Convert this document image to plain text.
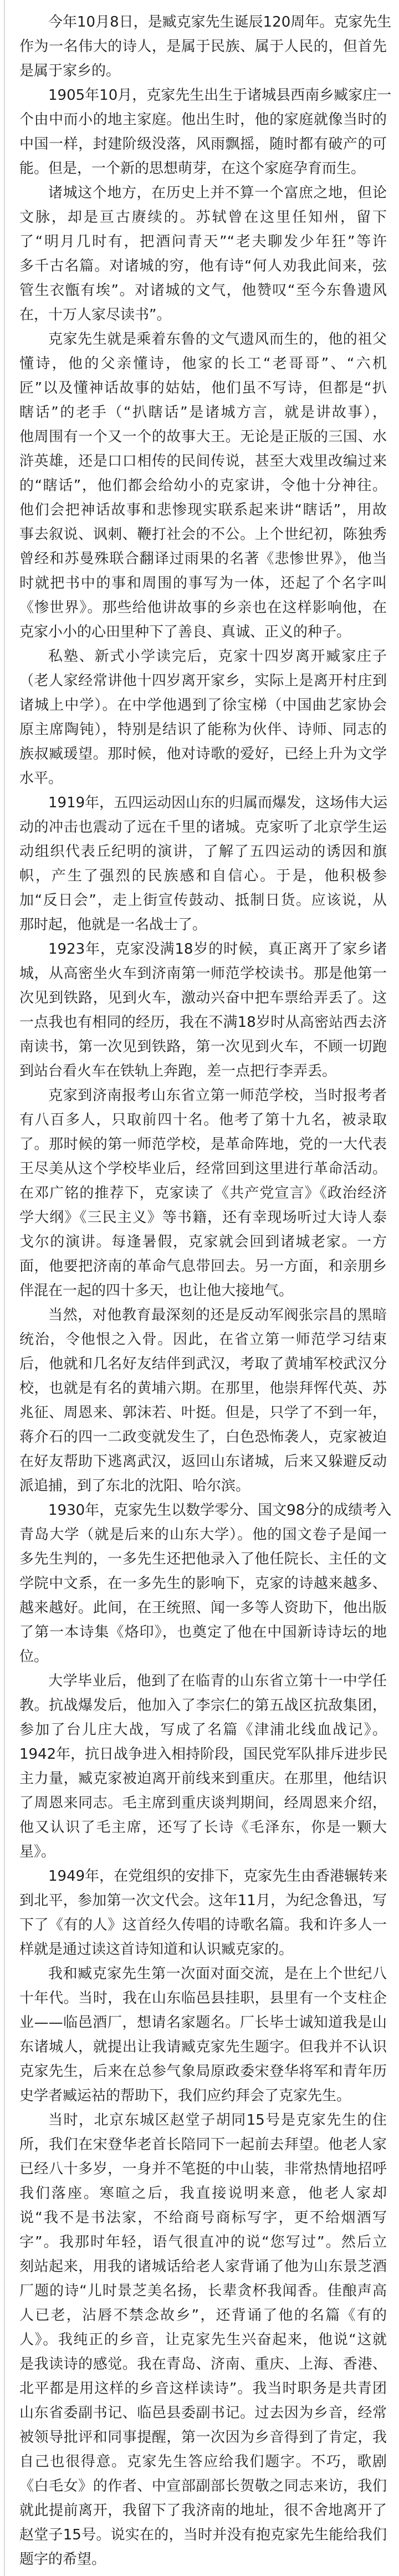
今年10月8日，是臧克家先生诞辰120周年。克家先生
作为一名伟大的诗人，是属于民族、属于人民的，但首先
是属于家乡的。
1905年10月，克家先生出生于诸城县西南乡臧家庄一
个由中而小的地主家庭。他出生时，他的家庭就像当时的
中国一样，封建阶级没落，风雨飘摇，随时都有破产的可
能。但是，一个新的思想萌芽，在这个家庭孕育而生。
诸城这个地方，在历史上并不算一个富庶之地，但论
文脉，却是亘古赓续的。苏轼曾在这里任知州，留下
了“明月几时有，把酒问青天”“老夫聊发少年狂”等许
多千古名篇。对诸城的穷，他有诗“何人劝我此间来，弦
管生衣甑有埃”。对诸城的文气，他赞叹“至今东鲁遗风
在，十万人家尽读书”。
克家先生就是乘着东鲁的文气遗风而生的，他的祖父
懂诗，他的父亲懂诗，他家的长工“老哥哥”、“六机
匠”以及懂神话故事的姑姑，他们虽不写诗，但都是“扒
瞎话”的老手（“扒瞎话”是诸城方言，就是讲故事），
他周围有一个又一个的故事大王。无论是正版的三国、水
浒英雄，还是口口相传的民间传说，甚至大戏里改编过来
的“瞎话”，他们都会给幼小的克家讲，令他十分神往。
他们会把神话故事和悲惨现实联系起来讲“瞎话”，用故
事去叙说、讽刺、鞭打社会的不公。上个世纪初，陈独秀
曾经和苏曼殊联合翻译过雨果的名著《悲惨世界》，他当
时就把书中的事和周围的事写为一体，还起了个名字叫
《惨世界》。那些给他讲故事的乡亲也在这样影响他，在
克家小小的心田里种下了善良、真诚、正义的种子。
私塾、新式小学读完后，克家十四岁离开臧家庄子
（老人家经常讲他十四岁离开家乡，实际上是离开村庄到
诸城上中学）。在中学他遇到了徐宝梯（中国曲艺家协会
原主席陶钝），特别是结识了能称为伙伴、诗师、同志的
族叔臧瑗望。那时候，他对诗歌的爱好，已经上升为文学
水平。
1919年，五四运动因山东的归属而爆发，这场伟大运
动的冲击也震动了远在千里的诸城。克家听了北京学生运
动组织代表丘纪明的演讲，了解了五四运动的诱因和旗
帜，产生了强烈的民族感和自信心。于是，他积极参
加“反日会”，走上街宣传鼓动、抵制日货。应该说，从
那时起，他就是一名战士了。
1923年，克家没满18岁的时候，真正离开了家乡诸
城，从高密坐火车到济南第一师范学校读书。那是他第一
次见到铁路，见到火车，激动兴奋中把车票给弄丢了。这
一点我也有相同的经历，我在不满18岁时从高密站西去济
南读书，第一次见到铁路，第一次见到火车，不顾一切跑
到站台看火车在铁轨上奔跑，差一点把行李弄丢。
克家到济南报考山东省立第一师范学校，当时报考者
有八百多人，只取前四十名。他考了第十九名，被录取
了。那时候的第一师范学校，是革命阵地，党的一大代表
王尽美从这个学校毕业后，经常回到这里进行革命活动。
在邓广铭的推荐下，克家读了《共产党宣言》《政治经济
学大纲》《三民主义》等书籍，还有幸现场听过大诗人泰
戈尔的演讲。每逢暑假，克家就会回到诸城老家。一方
面，他要把济南的革命气息带回去。另一方面，和亲朋乡
伴混在一起的四十多天，也让他大接地气。
当然，对他教育最深刻的还是反动军阀张宗昌的黑暗
统治，令他恨之入骨。因此，在省立第一师范学习结束
后，他就和几名好友结伴到武汉，考取了黄埔军校武汉分
校，也就是有名的黄埔六期。在那里，他崇拜恽代英、苏
兆征、周恩来、郭沫若、叶挺。但是，只学了不到一年，
蒋介石的四一二政变就发生了，白色恐怖袭人，克家被迫
在好友帮助下逃离武汉，返回山东诸城，后来又躲避反动
派追捕，到了东北的沈阳、哈尔滨。
1930年，克家先生以数学零分、国文98分的成绩考入
青岛大学（就是后来的山东大学）。他的国文卷子是闻一
多先生判的，一多先生还把他录入了他任院长、主任的文
学院中文系，在一多先生的影响下，克家的诗越来越多、
越来越好。此间，在王统照、闻一多等人资助下，他出版
了第一本诗集《烙印》，也奠定了他在中国新诗诗坛的地
位。
大学毕业后，他到了在临青的山东省立第十一中学任
教。抗战爆发后，他加入了李宗仁的第五战区抗敌集团，
参加了台儿庄大战，写成了名篇《津浦北线血战记》。
1942年，抗日战争进入相持阶段，国民党军队排斥进步民
主力量，臧克家被迫离开前线来到重庆。在那里，他结识
了周恩来同志。毛主席到重庆谈判期间，经周恩来介绍，
他又认识了毛主席，还写了长诗《毛泽东，你是一颗大
星》。
1949年，在党组织的安排下，克家先生由香港辗转来
到北平，参加第一次文代会。这年11月，为纪念鲁迅，写
下了《有的人》这首经久传唱的诗歌名篇。我和许多人一
样就是通过读这首诗知道和认识臧克家的。
我和臧克家先生第一次面对面交流，是在上个世纪八
十年代。当时，我在山东临邑县挂职，县里有一个支柱企
业——临邑酒厂，想请名家题名。厂长毕士诚知道我是山
东诸城人，就提出让我请臧克家先生题字。但我并不认识
克家先生，后来在总参气象局原政委宋登华将军和青年历
史学者臧运祜的帮助下，我们应约拜会了克家先生。
当时，北京东城区赵堂子胡同15号是克家先生的住
所，我们在宋登华老首长陪同下一起前去拜望。他老人家
已经八十多岁，一身并不笔挺的中山装，非常热情地招呼
我们落座。寒暄之后，我直接说明来意，他老人家却
说“我不是书法家，不给商号商标写字，更不给烟酒写
字”。我那时年轻，语气很直冲的说“您写过”。然后立
刻站起来，用我的诸城话给老人家背诵了他为山东景芝酒
厂题的诗“儿时景芝美名扬，长辈贪杯我闻香。佳酿声高
人已老，沾唇不禁念故乡”，还背诵了他的名篇《有的
人》。我纯正的乡音，让克家先生兴奋起来，他说“这就
是我读诗的感觉。我在青岛、济南、重庆、上海、香港、
北平都是用这样的乡音这样读诗”。我当时职务是共青团
山东省委副书记、临邑县委副书记。过去因为乡音，经常
被领导批评和同事提醒，第一次因为乡音得到了肯定，我
自己也很得意。克家先生答应给我们题字。不巧，歌剧
《白毛女》的作者、中宣部副部长贺敬之同志来访，我们
就此提前离开，我留下了我济南的地址，很不舍地离开了
赵堂子15号。说实在的，当时并没有抱克家先生能给我们
题字的希望。
